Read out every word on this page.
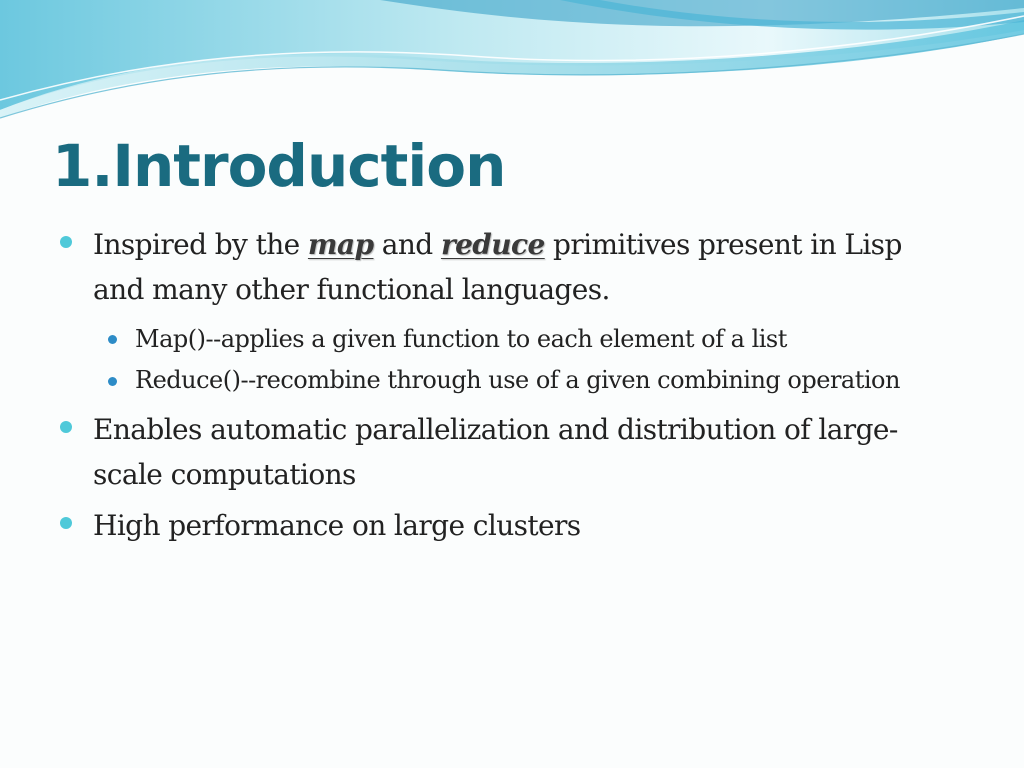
1.Introduction

Inspired by the map and reduce primitives present in Lisp and many other functional languages.

Map()--applies a given function to each element of a list

Reduce()--recombine through use of a given combining operation

Enables automatic parallelization and distribution of large-scale computations

High performance on large clusters
